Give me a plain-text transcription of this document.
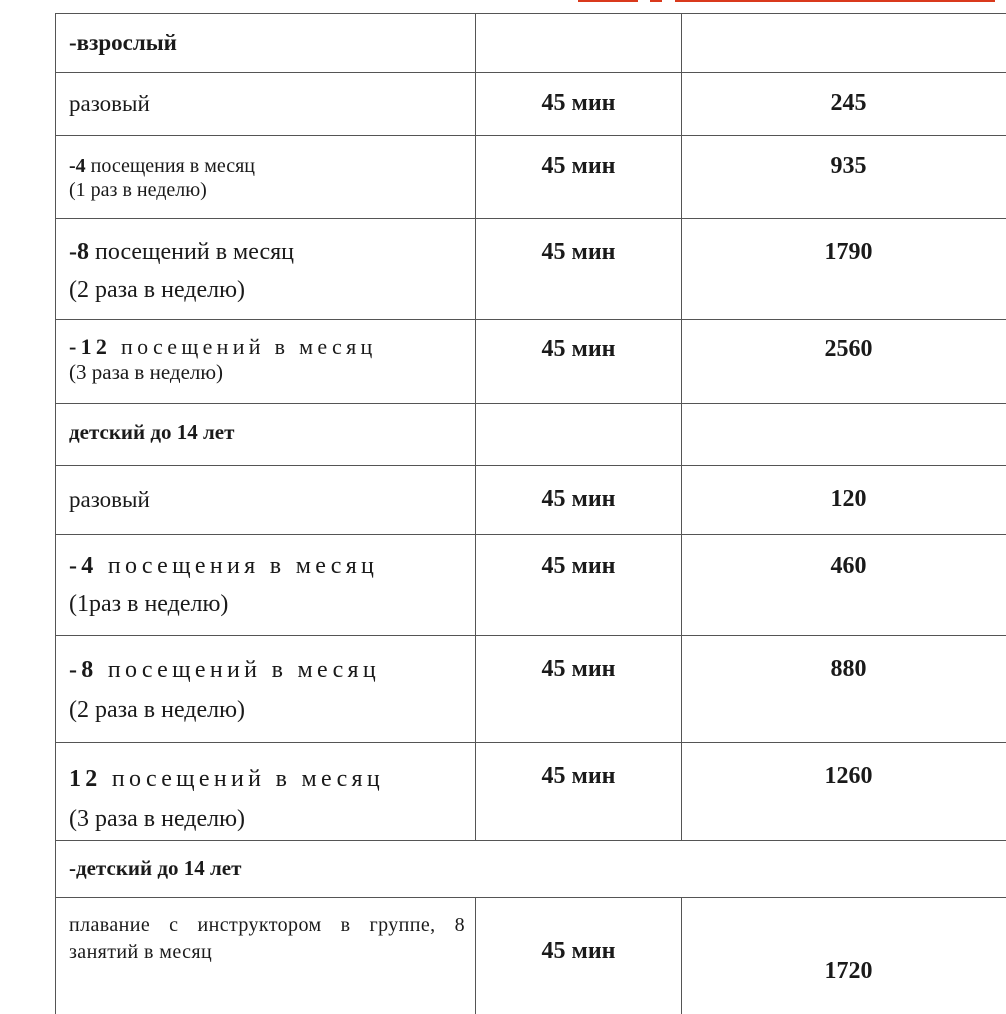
-взрослый		

разовый	45 мин	245

-4 посещения в месяц
(1 раз в неделю)	45 мин	935

-8 посещений в месяц
(2 раза в неделю)	45 мин	1790

-12 посещений в месяц
(3 раза в неделю)	45 мин	2560

детский до 14 лет		

разовый	45 мин	120

-4 посещения в месяц
(1раз в неделю)	45 мин	460

-8 посещений в месяц
(2 раза в неделю)	45 мин	880

12 посещений в месяц
(3 раза в неделю)	45 мин	1260

-детский до 14 лет		

плавание с инструктором в группе, 8 занятий в месяц	45 мин	1720
